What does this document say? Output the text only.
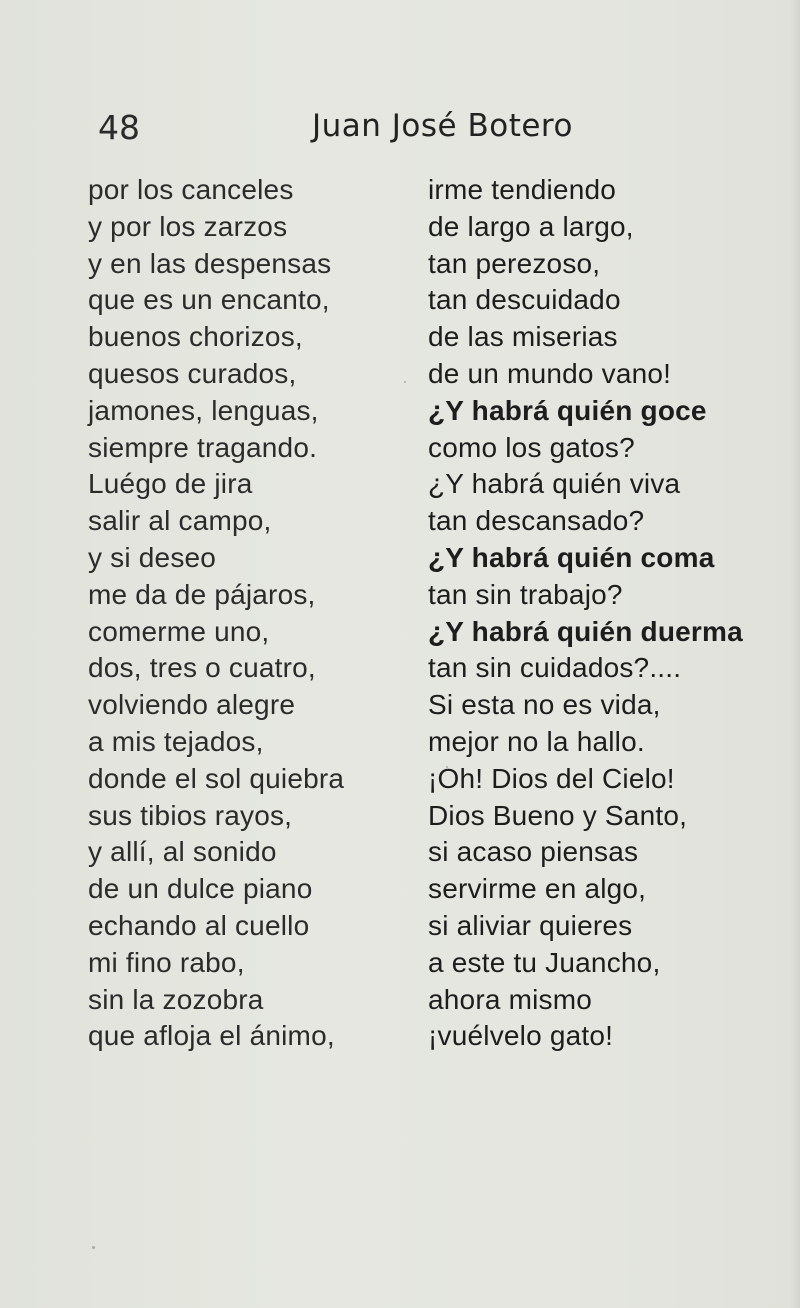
48	Juan José Botero
por los canceles
y por los zarzos
y en las despensas
que es un encanto,
buenos chorizos,
quesos curados,
jamones, lenguas,
siempre tragando.
Luégo de jira
salir al campo,
y si deseo
me da de pájaros,
comerme uno,
dos, tres o cuatro,
volviendo alegre
a mis tejados,
donde el sol quiebra
sus tibios rayos,
y allí, al sonido
de un dulce piano
echando al cuello
mi fino rabo,
sin la zozobra
que afloja el ánimo,
irme tendiendo
de largo a largo,
tan perezoso,
tan descuidado
de las miserias
de un mundo vano!
¿Y habrá quién goce
como los gatos?
¿Y habrá quién viva
tan descansado?
¿Y habrá quién coma
tan sin trabajo?
¿Y habrá quién duerma
tan sin cuidados?....
Si esta no es vida,
mejor no la hallo.
¡Oh! Dios del Cielo!
Dios Bueno y Santo,
si acaso piensas
servirme en algo,
si aliviar quieres
a este tu Juancho,
ahora mismo
¡vuélvelo gato!
